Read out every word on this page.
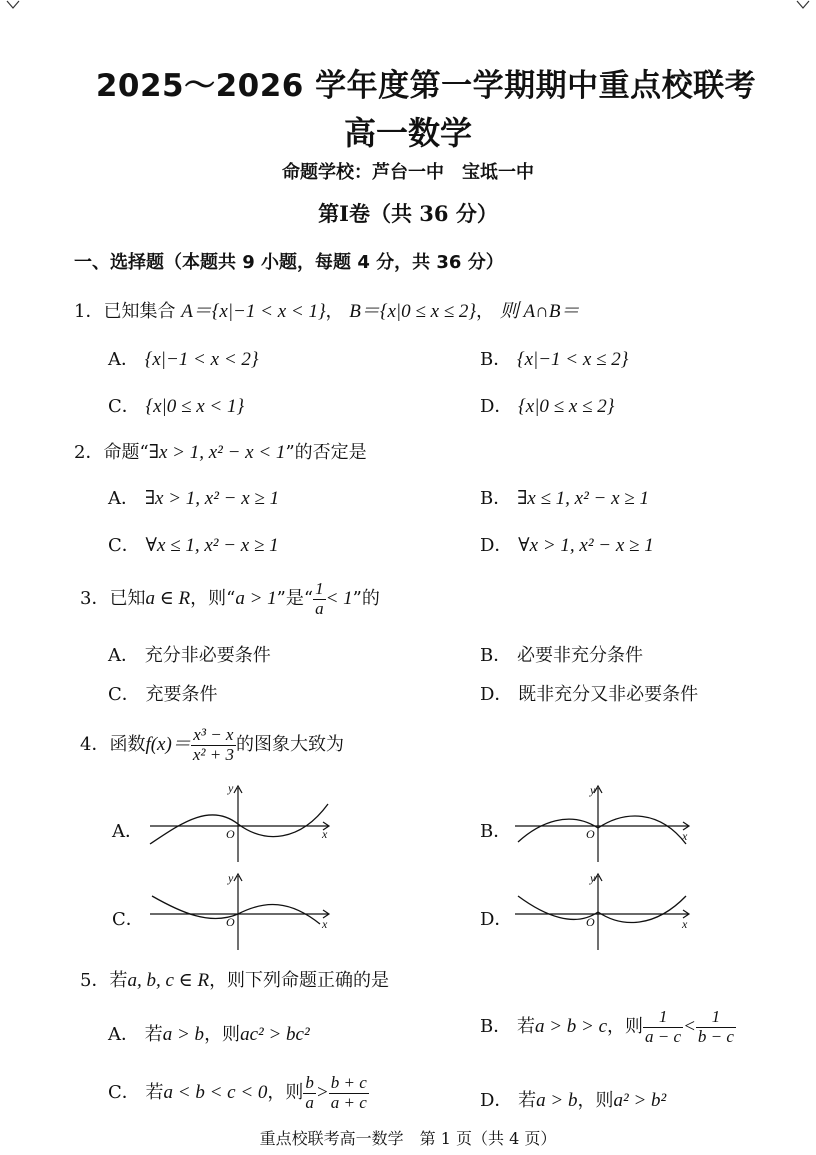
2025～2026 学年度第一学期期中重点校联考
高一数学
命题学校：芦台一中　宝坻一中
第Ⅰ卷（共 36 分）
一、选择题（本题共 9 小题，每题 4 分，共 36 分）
1．已知集合 A＝{x|−1 < x < 1}， B＝{x|0 ≤ x ≤ 2}， 则 A∩B＝
A． {x|−1 < x < 2}	B． {x|−1 < x ≤ 2}
C． {x|0 ≤ x < 1}	D． {x|0 ≤ x ≤ 2}
2．命题“∃x > 1, x² − x < 1”的否定是
A． ∃x > 1, x² − x ≥ 1	B． ∃x ≤ 1, x² − x ≥ 1
C． ∀x ≤ 1, x² − x ≥ 1	D． ∀x > 1, x² − x ≥ 1
3．已知a ∈ R，则“a > 1”是“ $\frac{1}{a} < 1$”的
A． 充分非必要条件	B． 必要非充分条件
C． 充要条件	D． 既非充分又非必要条件
4．函数$f(x)= \frac{\text{x³ − x}}{\text{x² + 3}}$ 的图象大致为
A．	B．
C．	D．
y
x
O
y
x
O
y
x
O
y
x
O
5．若a, b, c ∈ R，则下列命题正确的是
A． 若a > b，则ac² > bc²	B． 若a > b > c，则 $\frac{1}{a - c} < \frac{1}{b - c}$
C． 若a < b < c < 0，则 $\frac{b}{a} > \frac{b + c}{a + c}$	D． 若a > b，则a² > b²
重点校联考高一数学　第 1 页（共 4 页）
